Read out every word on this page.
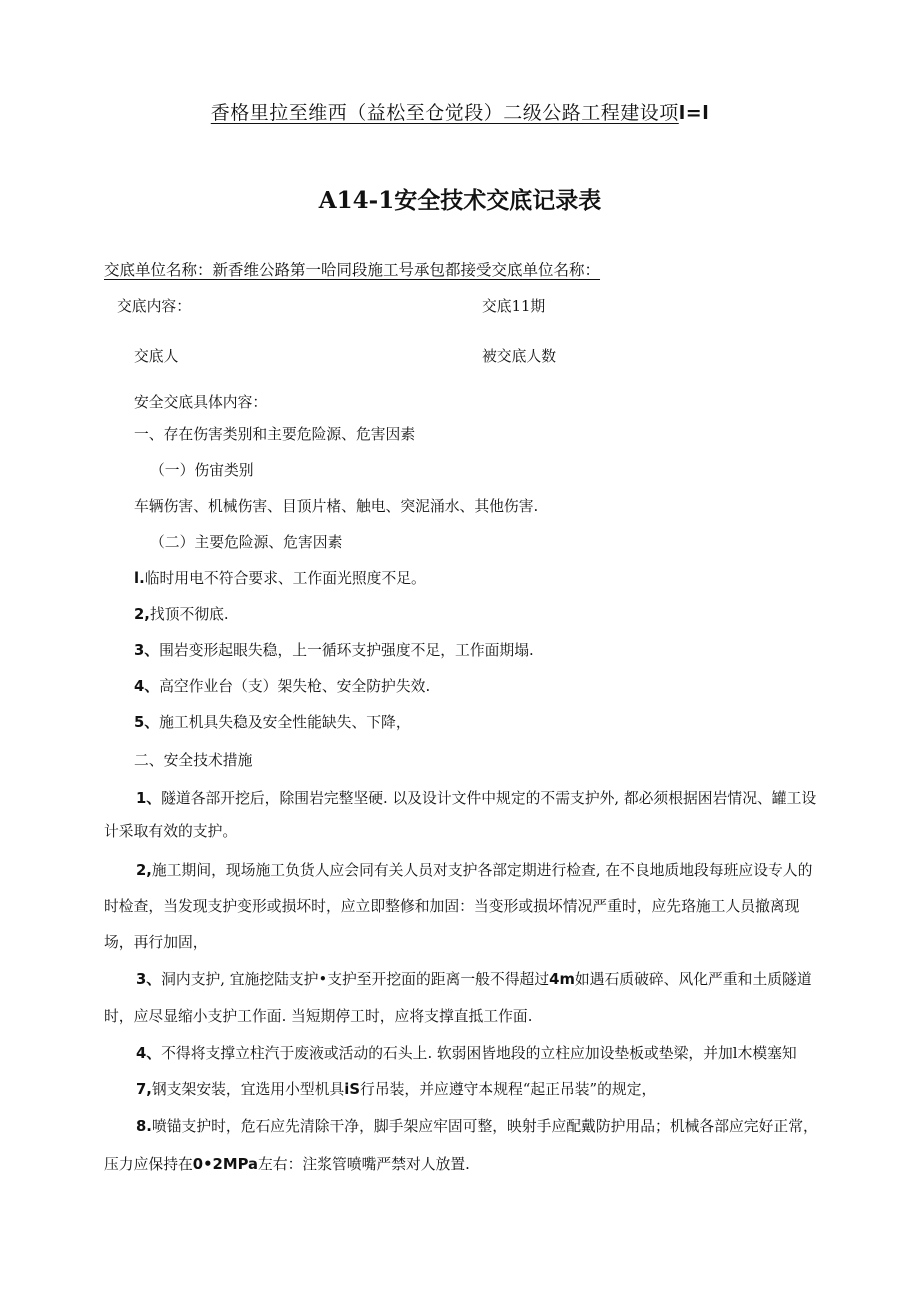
香格里拉至维西（益松至仓觉段）二级公路工程建设项l=l
A14-1安全技术交底记录表
交底单位名称：新香维公路第一哈同段施工号承包都接受交底单位名称：
交底内容：	交底11期
交底人	被交底人数
安全交底具体内容：
一、存在伤害类别和主要危险源、危害因素
（一）伤宙类别
车辆伤害、机械伤害、目顶片楮、触电、突泥涌水、其他伤害.
（二）主要危险源、危害因素
l.临时用电不符合要求、工作面光照度不足。
2,找顶不彻底.
3、围岩变形起眼失稳，上一循环支护强度不足，工作面期塌.
4、高空作业台（支）架失枪、安全防护失效.
5、施工机具失稳及安全性能缺失、下降，
二、安全技术措施
1、隧道各部开挖后，除围岩完整坚硬. 以及设计文件中规定的不需支护外, 都必须根据困岩情况、罐工设
计采取有效的支护。
2,施工期间，现场施工负货人应会同有关人员对支护各部定期进行检查, 在不良地质地段每班应设专人的
时检查，当发现支护变形或损坏时，应立即整修和加固：当变形或损坏情况严重时，应先珞施工人员撤离现
场，再行加固，
3、洞内支护, 宜施挖陆支护•支护至开挖面的距离一般不得超过4m如遇石质破碎、风化严重和土质隧道
时，应尽显缩小支护工作面. 当短期停工时，应将支撑直抵工作面.
4、不得将支撑立柱汽于废液或活动的石头上. 软弱困皆地段的立柱应加设垫板或垫梁，并加l木模塞知
7,钢支架安装，宜选用小型机具iS行吊装，并应遵守本规程“起正吊装”的规定，
8.喷锚支护时，危石应先清除干净，脚手架应牢固可整，映射手应配戴防护用品；机械各部应完好正常，
压力应保持在0•2MPa左右：注浆管喷嘴严禁对人放置.
